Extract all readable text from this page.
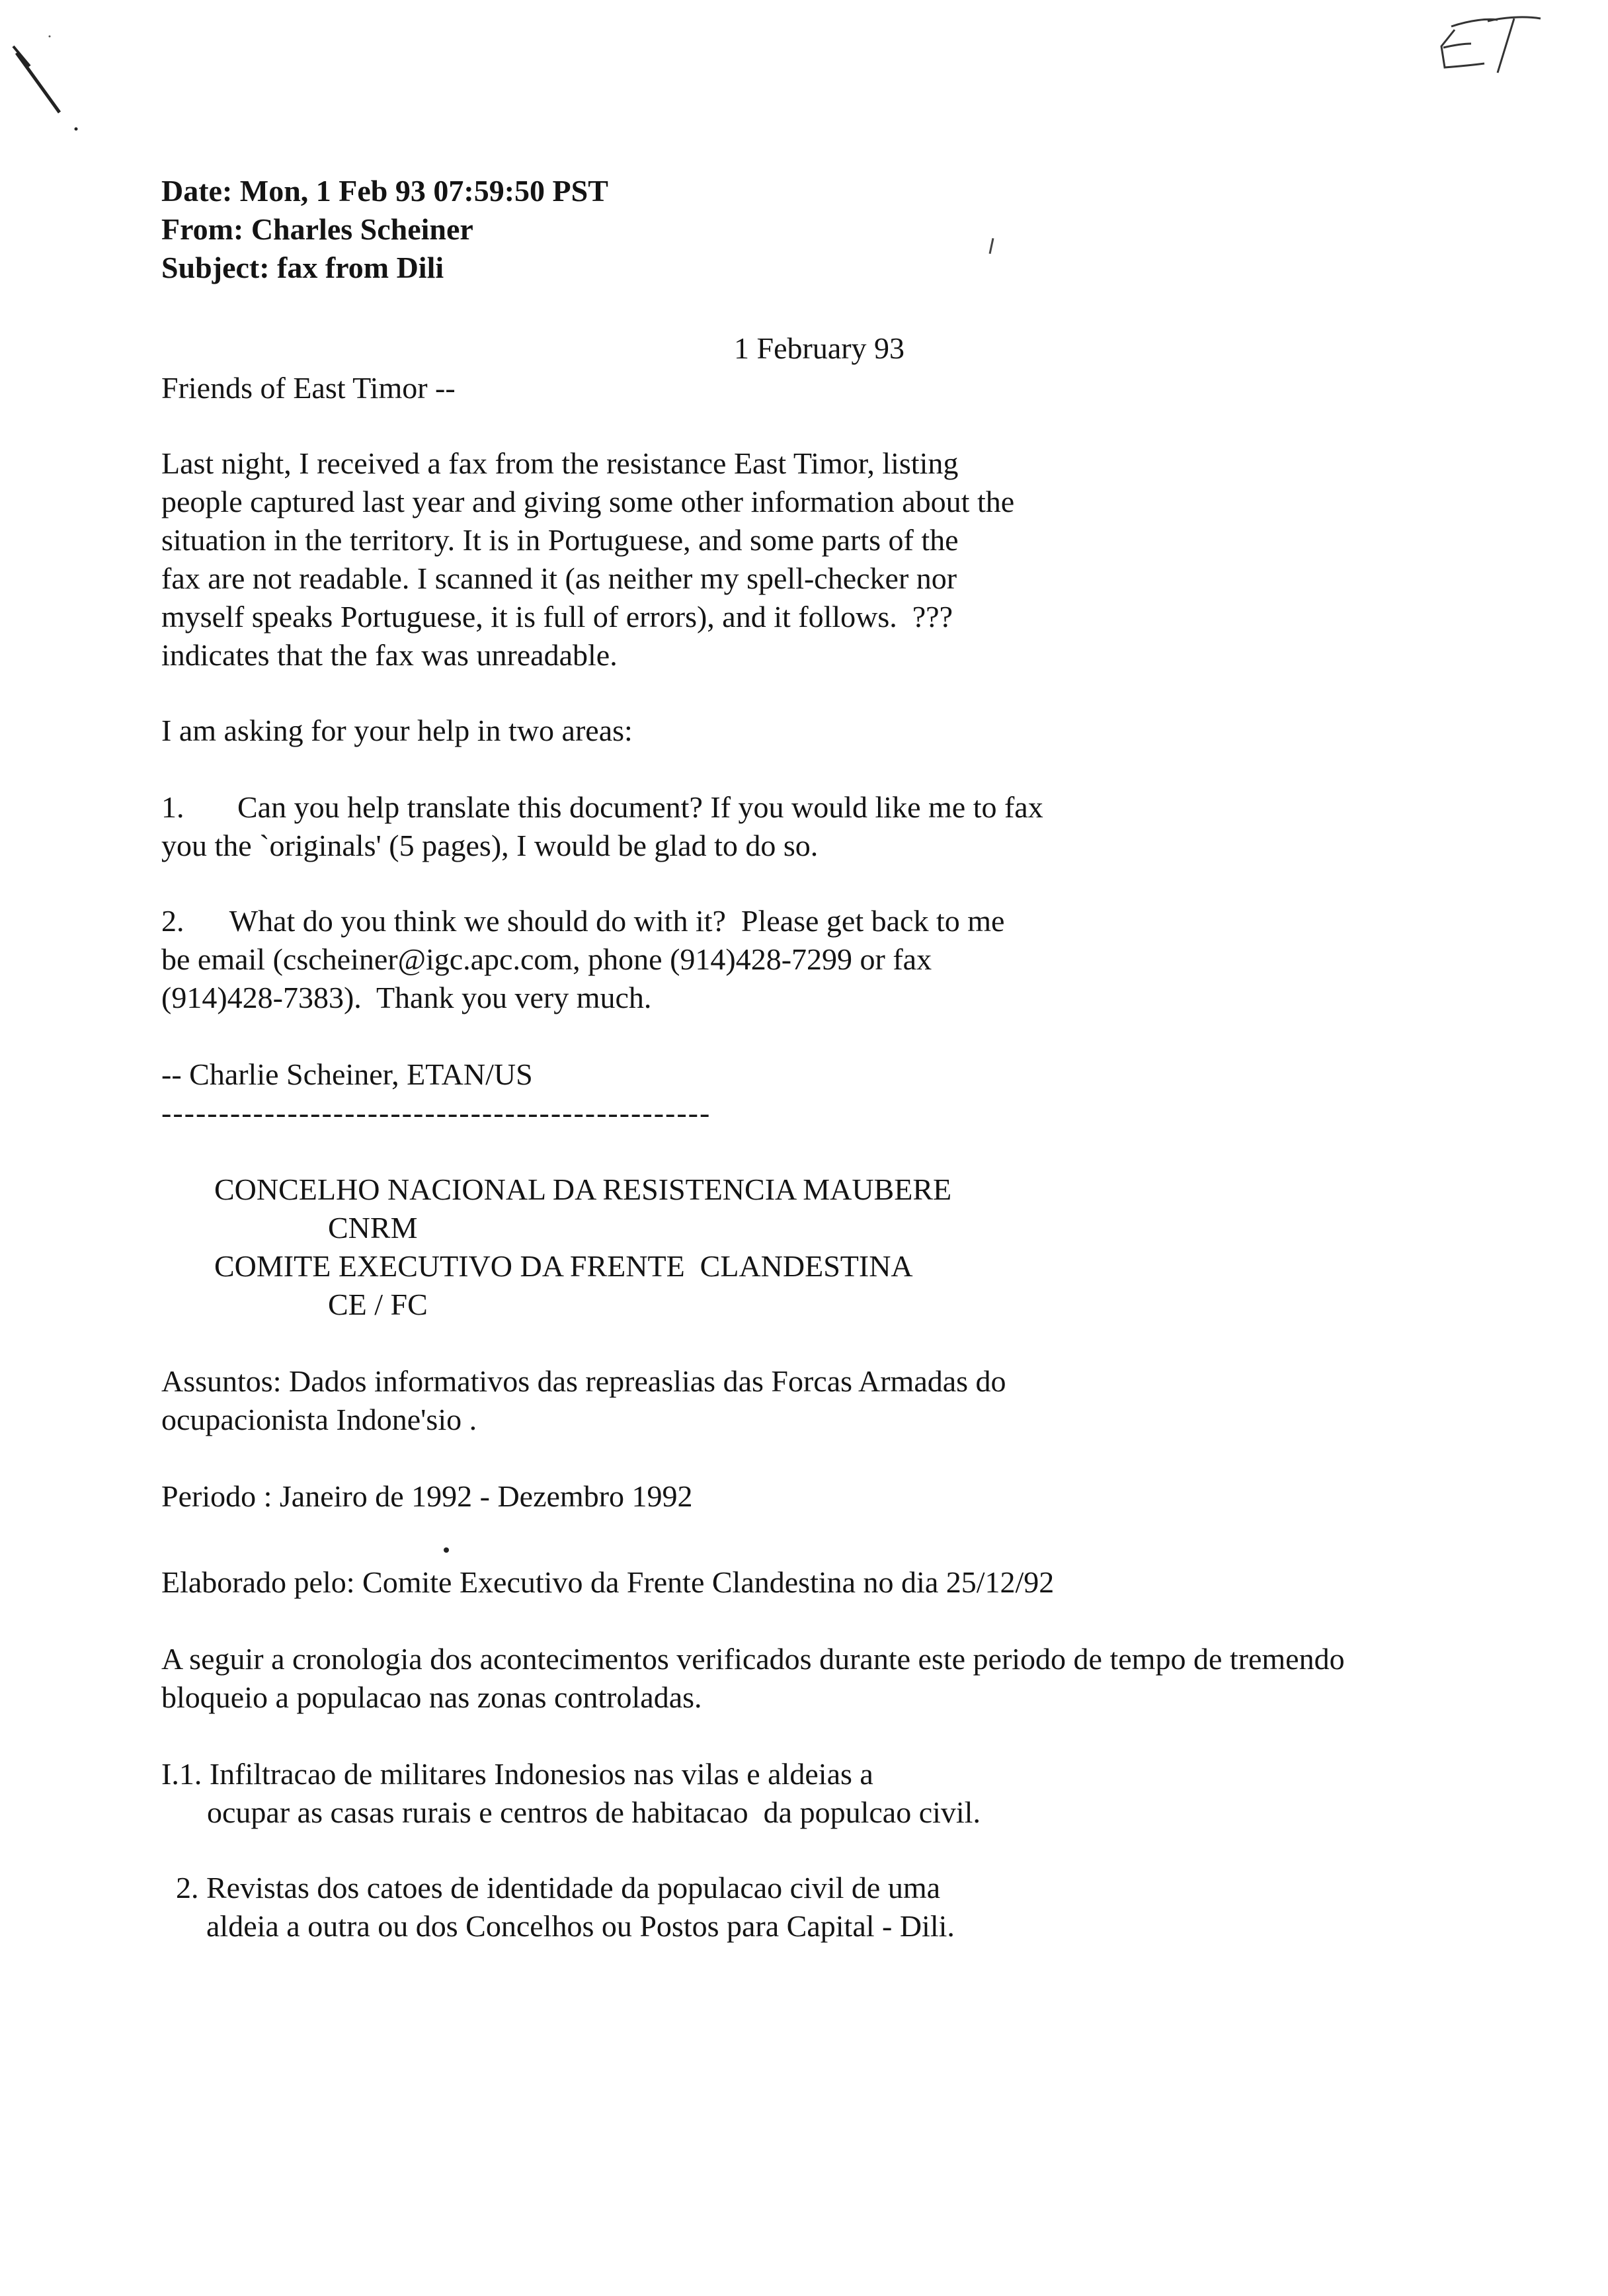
Date: Mon, 1 Feb 93 07:59:50 PST
From: Charles Scheiner
Subject: fax from Dili
1 February 93
Friends of East Timor --
Last night, I received a fax from the resistance East Timor, listing
people captured last year and giving some other information about the
situation in the territory. It is in Portuguese, and some parts of the
fax are not readable. I scanned it (as neither my spell-checker nor
myself speaks Portuguese, it is full of errors), and it follows.  ???
indicates that the fax was unreadable.
I am asking for your help in two areas:
1.       Can you help translate this document? If you would like me to fax
you the `originals' (5 pages), I would be glad to do so.
2.      What do you think we should do with it?  Please get back to me
be email (cscheiner@igc.apc.com, phone (914)428-7299 or fax
(914)428-7383).  Thank you very much.
-- Charlie Scheiner, ETAN/US
------------------------------------------------
CONCELHO NACIONAL DA RESISTENCIA MAUBERE
CNRM
COMITE EXECUTIVO DA FRENTE  CLANDESTINA
CE / FC
Assuntos: Dados informativos das repreaslias das Forcas Armadas do
ocupacionista Indone'sio .
Periodo : Janeiro de 1992 - Dezembro 1992
Elaborado pelo: Comite Executivo da Frente Clandestina no dia 25/12/92
A seguir a cronologia dos acontecimentos verificados durante este periodo de tempo de tremendo
bloqueio a populacao nas zonas controladas.
I.1. Infiltracao de militares Indonesios nas vilas e aldeias a
ocupar as casas rurais e centros de habitacao  da populcao civil.
2. Revistas dos catoes de identidade da populacao civil de uma
aldeia a outra ou dos Concelhos ou Postos para Capital - Dili.
